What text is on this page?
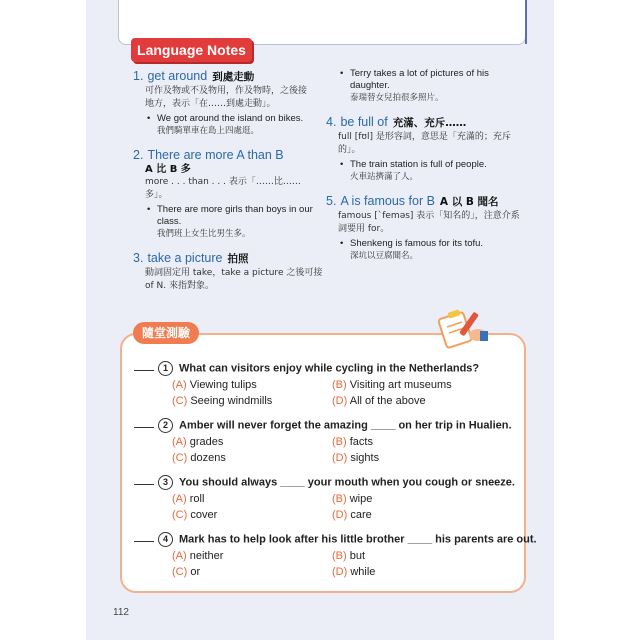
Language Notes
1. get around 到處走動
可作及物或不及物用，作及物時，之後接
地方，表示「在……到處走動」。
• We got around the island on bikes.
我們騎單車在島上四處逛。
2. There are more A than B
A 比 B 多
more . . . than . . . 表示「……比……多」。
• There are more girls than boys in our class.
我們班上女生比男生多。
3. take a picture 拍照
動詞固定用 take，take a picture 之後可接
of N. 來指對象。
• Terry takes a lot of pictures of his daughter.
泰瑞替女兒拍很多照片。
4. be full of 充滿、充斥……
full [fʊl] 是形容詞，意思是「充滿的；充斥
的」。
• The train station is full of people.
火車站擠滿了人。
5. A is famous for B A 以 B 聞名
famous [ˋfeməs] 表示「知名的」，注意介系
詞要用 for。
• Shenkeng is famous for its tofu.
深坑以豆腐聞名。
隨堂測驗
1 What can visitors enjoy while cycling in the Netherlands?
(A) Viewing tulips	(B) Visiting art museums
(C) Seeing windmills	(D) All of the above
2 Amber will never forget the amazing ____ on her trip in Hualien.
(A) grades	(B) facts
(C) dozens	(D) sights
3 You should always ____ your mouth when you cough or sneeze.
(A) roll	(B) wipe
(C) cover	(D) care
4 Mark has to help look after his little brother ____ his parents are out.
(A) neither	(B) but
(C) or	(D) while
112
